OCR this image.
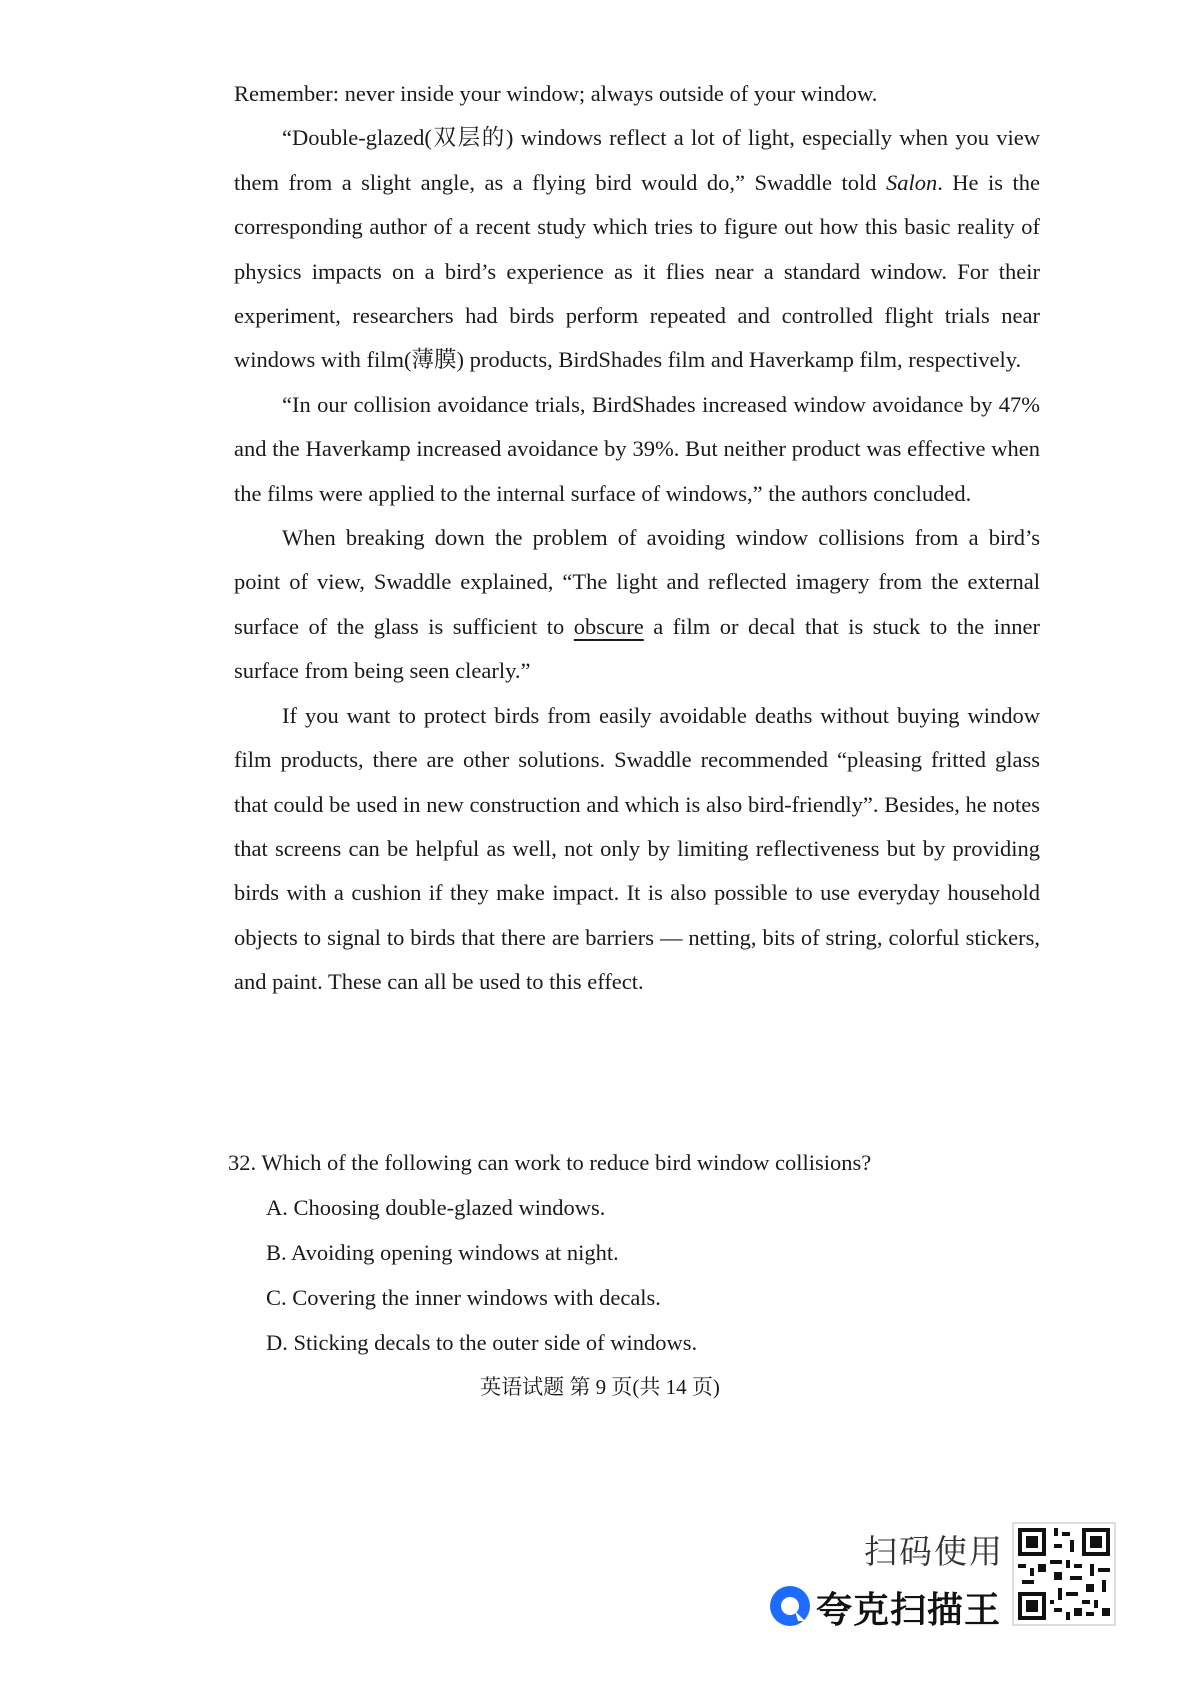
Remember: never inside your window; always outside of your window.

“Double-glazed(双层的) windows reflect a lot of light, especially when you view them from a slight angle, as a flying bird would do,” Swaddle told Salon. He is the corresponding author of a recent study which tries to figure out how this basic reality of physics impacts on a bird’s experience as it flies near a standard window. For their experiment, researchers had birds perform repeated and controlled flight trials near windows with film(薄膜) products, BirdShades film and Haverkamp film, respectively.

“In our collision avoidance trials, BirdShades increased window avoidance by 47% and the Haverkamp increased avoidance by 39%. But neither product was effective when the films were applied to the internal surface of windows,” the authors concluded.

When breaking down the problem of avoiding window collisions from a bird’s point of view, Swaddle explained, “The light and reflected imagery from the external surface of the glass is sufficient to obscure a film or decal that is stuck to the inner surface from being seen clearly.”

If you want to protect birds from easily avoidable deaths without buying window film products, there are other solutions. Swaddle recommended “pleasing fritted glass that could be used in new construction and which is also bird-friendly”. Besides, he notes that screens can be helpful as well, not only by limiting reflectiveness but by providing birds with a cushion if they make impact. It is also possible to use everyday household objects to signal to birds that there are barriers — netting, bits of string, colorful stickers, and paint. These can all be used to this effect.

32. Which of the following can work to reduce bird window collisions?

A. Choosing double-glazed windows.

B. Avoiding opening windows at night.

C. Covering the inner windows with decals.

D. Sticking decals to the outer side of windows.

英语试题 第 9 页(共 14 页)
扫码使用
夸克扫描王
